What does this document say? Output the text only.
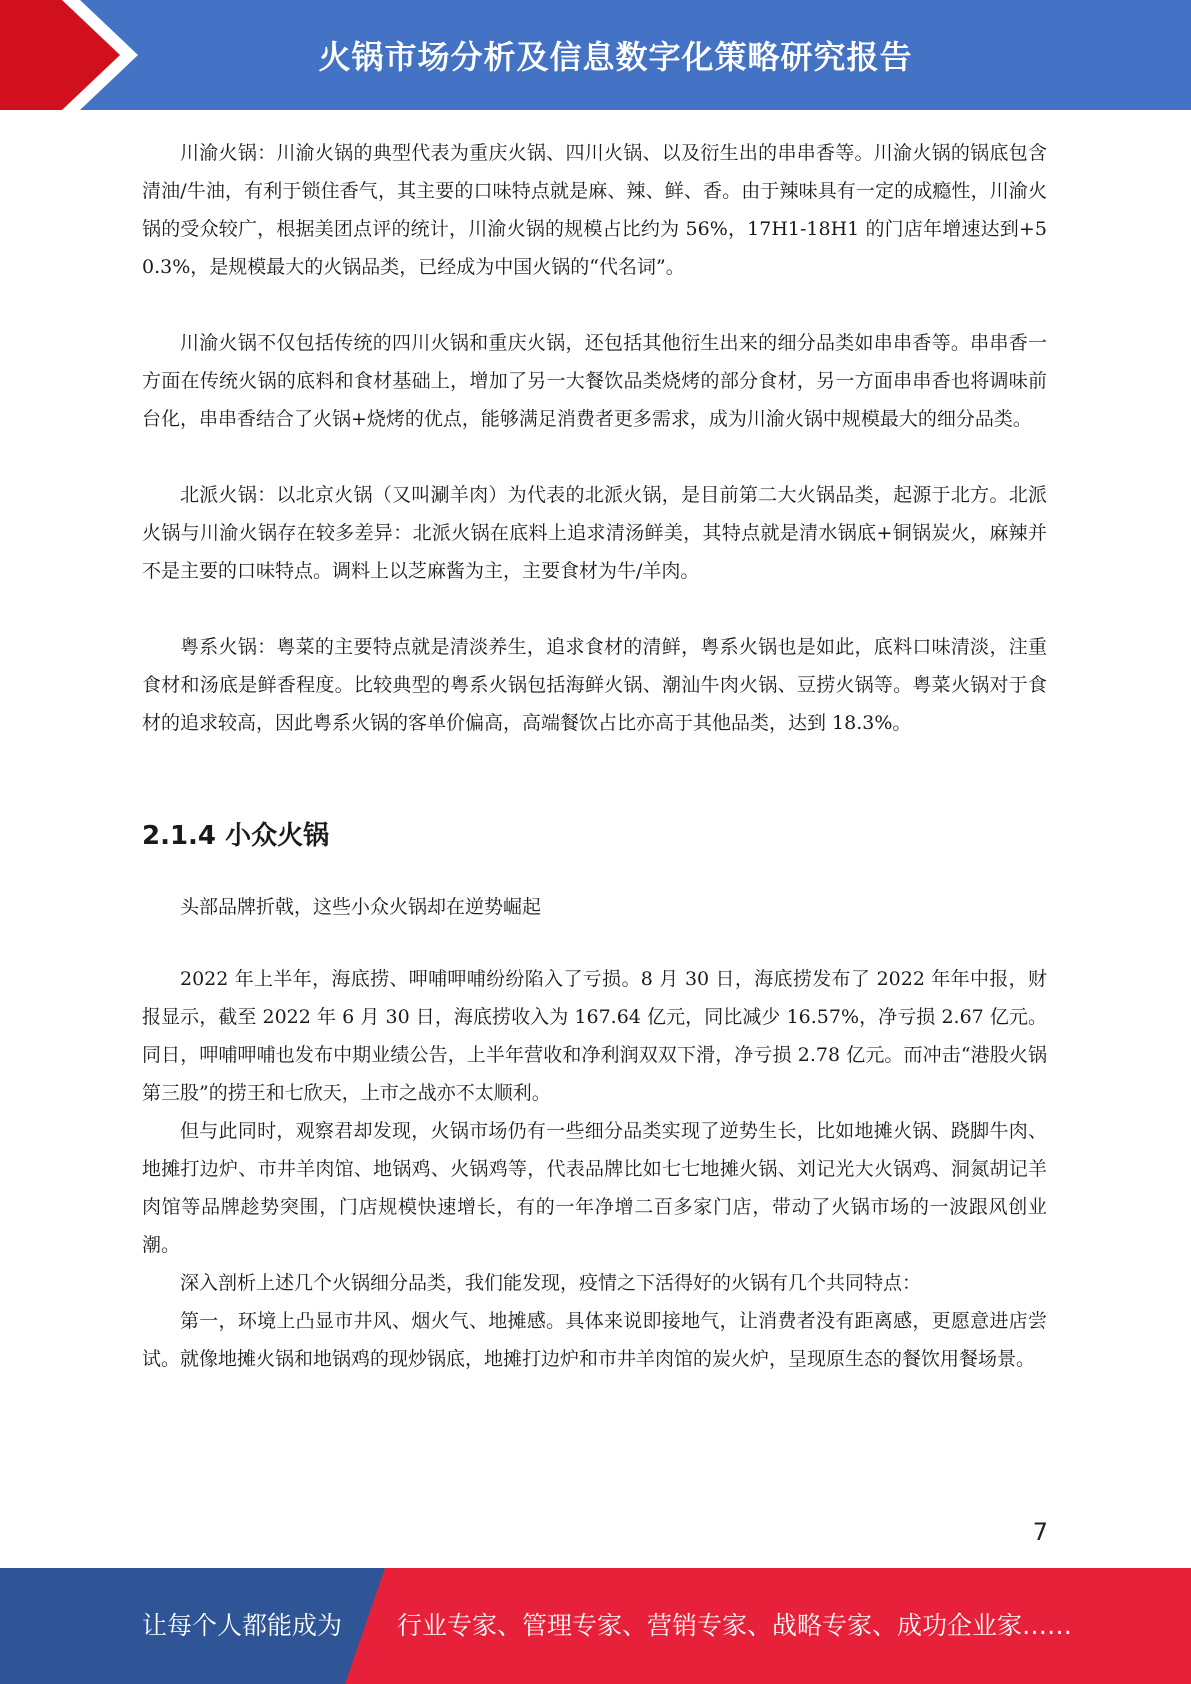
火锅市场分析及信息数字化策略研究报告

川渝火锅：川渝火锅的典型代表为重庆火锅、四川火锅、以及衍生出的串串香等。川渝火锅的锅底包含清油/牛油，有利于锁住香气，其主要的口味特点就是麻、辣、鲜、香。由于辣味具有一定的成瘾性，川渝火锅的受众较广，根据美团点评的统计，川渝火锅的规模占比约为 56%，17H1-18H1 的门店年增速达到+50.3%，是规模最大的火锅品类，已经成为中国火锅的“代名词”。

川渝火锅不仅包括传统的四川火锅和重庆火锅，还包括其他衍生出来的细分品类如串串香等。串串香一方面在传统火锅的底料和食材基础上，增加了另一大餐饮品类烧烤的部分食材，另一方面串串香也将调味前台化，串串香结合了火锅+烧烤的优点，能够满足消费者更多需求，成为川渝火锅中规模最大的细分品类。

北派火锅：以北京火锅（又叫涮羊肉）为代表的北派火锅，是目前第二大火锅品类，起源于北方。北派火锅与川渝火锅存在较多差异：北派火锅在底料上追求清汤鲜美，其特点就是清水锅底+铜锅炭火，麻辣并不是主要的口味特点。调料上以芝麻酱为主，主要食材为牛/羊肉。

粤系火锅：粤菜的主要特点就是清淡养生，追求食材的清鲜，粤系火锅也是如此，底料口味清淡，注重食材和汤底是鲜香程度。比较典型的粤系火锅包括海鲜火锅、潮汕牛肉火锅、豆捞火锅等。粤菜火锅对于食材的追求较高，因此粤系火锅的客单价偏高，高端餐饮占比亦高于其他品类，达到 18.3%。

2.1.4 小众火锅

头部品牌折戟，这些小众火锅却在逆势崛起

2022 年上半年，海底捞、呷哺呷哺纷纷陷入了亏损。8 月 30 日，海底捞发布了 2022 年年中报，财报显示，截至 2022 年 6 月 30 日，海底捞收入为 167.64 亿元，同比减少 16.57%，净亏损 2.67 亿元。同日，呷哺呷哺也发布中期业绩公告，上半年营收和净利润双双下滑，净亏损 2.78 亿元。而冲击“港股火锅第三股”的捞王和七欣天，上市之战亦不太顺利。

但与此同时，观察君却发现，火锅市场仍有一些细分品类实现了逆势生长，比如地摊火锅、跷脚牛肉、地摊打边炉、市井羊肉馆、地锅鸡、火锅鸡等，代表品牌比如七七地摊火锅、刘记光大火锅鸡、洞氮胡记羊肉馆等品牌趁势突围，门店规模快速增长，有的一年净增二百多家门店，带动了火锅市场的一波跟风创业潮。

深入剖析上述几个火锅细分品类，我们能发现，疫情之下活得好的火锅有几个共同特点：

第一，环境上凸显市井风、烟火气、地摊感。具体来说即接地气，让消费者没有距离感，更愿意进店尝试。就像地摊火锅和地锅鸡的现炒锅底，地摊打边炉和市井羊肉馆的炭火炉，呈现原生态的餐饮用餐场景。

7
让每个人都能成为 行业专家、管理专家、营销专家、战略专家、成功企业家……
